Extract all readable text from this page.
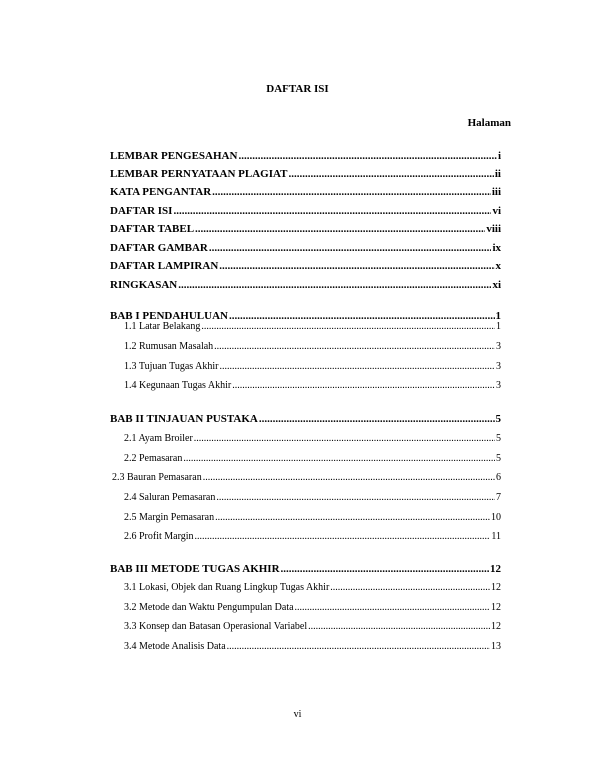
DAFTAR ISI
Halaman
LEMBAR PENGESAHAN .....	i
LEMBAR PERNYATAAN PLAGIAT .....	ii
KATA PENGANTAR .....	iii
DAFTAR ISI .....	vi
DAFTAR TABEL .....	viii
DAFTAR GAMBAR .....	ix
DAFTAR LAMPIRAN .....	x
RINGKASAN .....	xi
BAB I PENDAHULUAN .....	1
1.1 Latar Belakang .....	1
1.2 Rumusan Masalah .....	3
1.3 Tujuan Tugas Akhir .....	3
1.4 Kegunaan Tugas Akhir .....	3
BAB II TINJAUAN PUSTAKA .....	5
2.1 Ayam Broiler .....	5
2.2 Pemasaran .....	5
2.3 Bauran Pemasaran .....	6
2.4 Saluran Pemasaran .....	7
2.5 Margin Pemasaran .....	10
2.6 Profit Margin .....	11
BAB III METODE TUGAS AKHIR .....	12
3.1 Lokasi, Objek dan Ruang Lingkup Tugas Akhir .....	12
3.2 Metode dan Waktu Pengumpulan Data .....	12
3.3 Konsep dan Batasan Operasional Variabel .....	12
3.4 Metode Analisis Data .....	13
vi
